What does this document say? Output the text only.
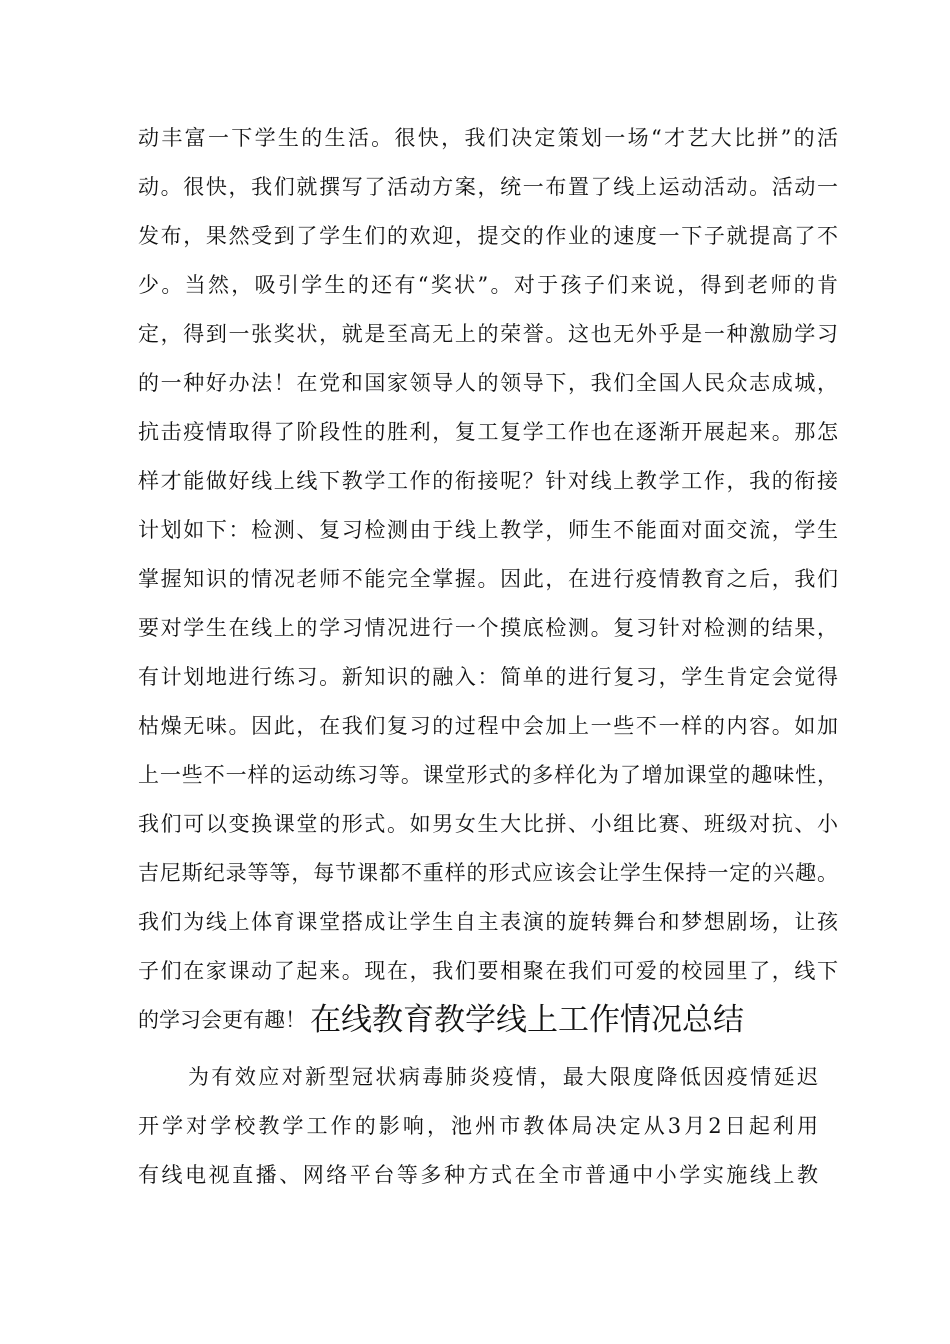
动丰富一下学生的生活。很快，我们决定策划一场“才艺大比拼”的活
动。很快，我们就撰写了活动方案，统一布置了线上运动活动。活动一
发布，果然受到了学生们的欢迎，提交的作业的速度一下子就提高了不
少。当然，吸引学生的还有“奖状”。对于孩子们来说，得到老师的肯
定，得到一张奖状，就是至高无上的荣誉。这也无外乎是一种激励学习
的一种好办法！在党和国家领导人的领导下，我们全国人民众志成城，
抗击疫情取得了阶段性的胜利，复工复学工作也在逐渐开展起来。那怎
样才能做好线上线下教学工作的衔接呢？针对线上教学工作，我的衔接
计划如下：检测、复习检测由于线上教学，师生不能面对面交流，学生
掌握知识的情况老师不能完全掌握。因此，在进行疫情教育之后，我们
要对学生在线上的学习情况进行一个摸底检测。复习针对检测的结果，
有计划地进行练习。新知识的融入：简单的进行复习，学生肯定会觉得
枯燥无味。因此，在我们复习的过程中会加上一些不一样的内容。如加
上一些不一样的运动练习等。课堂形式的多样化为了增加课堂的趣味性，
我们可以变换课堂的形式。如男女生大比拼、小组比赛、班级对抗、小
吉尼斯纪录等等，每节课都不重样的形式应该会让学生保持一定的兴趣。
我们为线上体育课堂搭成让学生自主表演的旋转舞台和梦想剧场，让孩
子们在家课动了起来。现在，我们要相聚在我们可爱的校园里了，线下
的学习会更有趣！ 在线教育教学线上工作情况总结
为有效应对新型冠状病毒肺炎疫情，最大限度降低因疫情延迟
开学对学校教学工作的影响，池州市教体局决定从3月2日起利用
有线电视直播、网络平台等多种方式在全市普通中小学实施线上教
